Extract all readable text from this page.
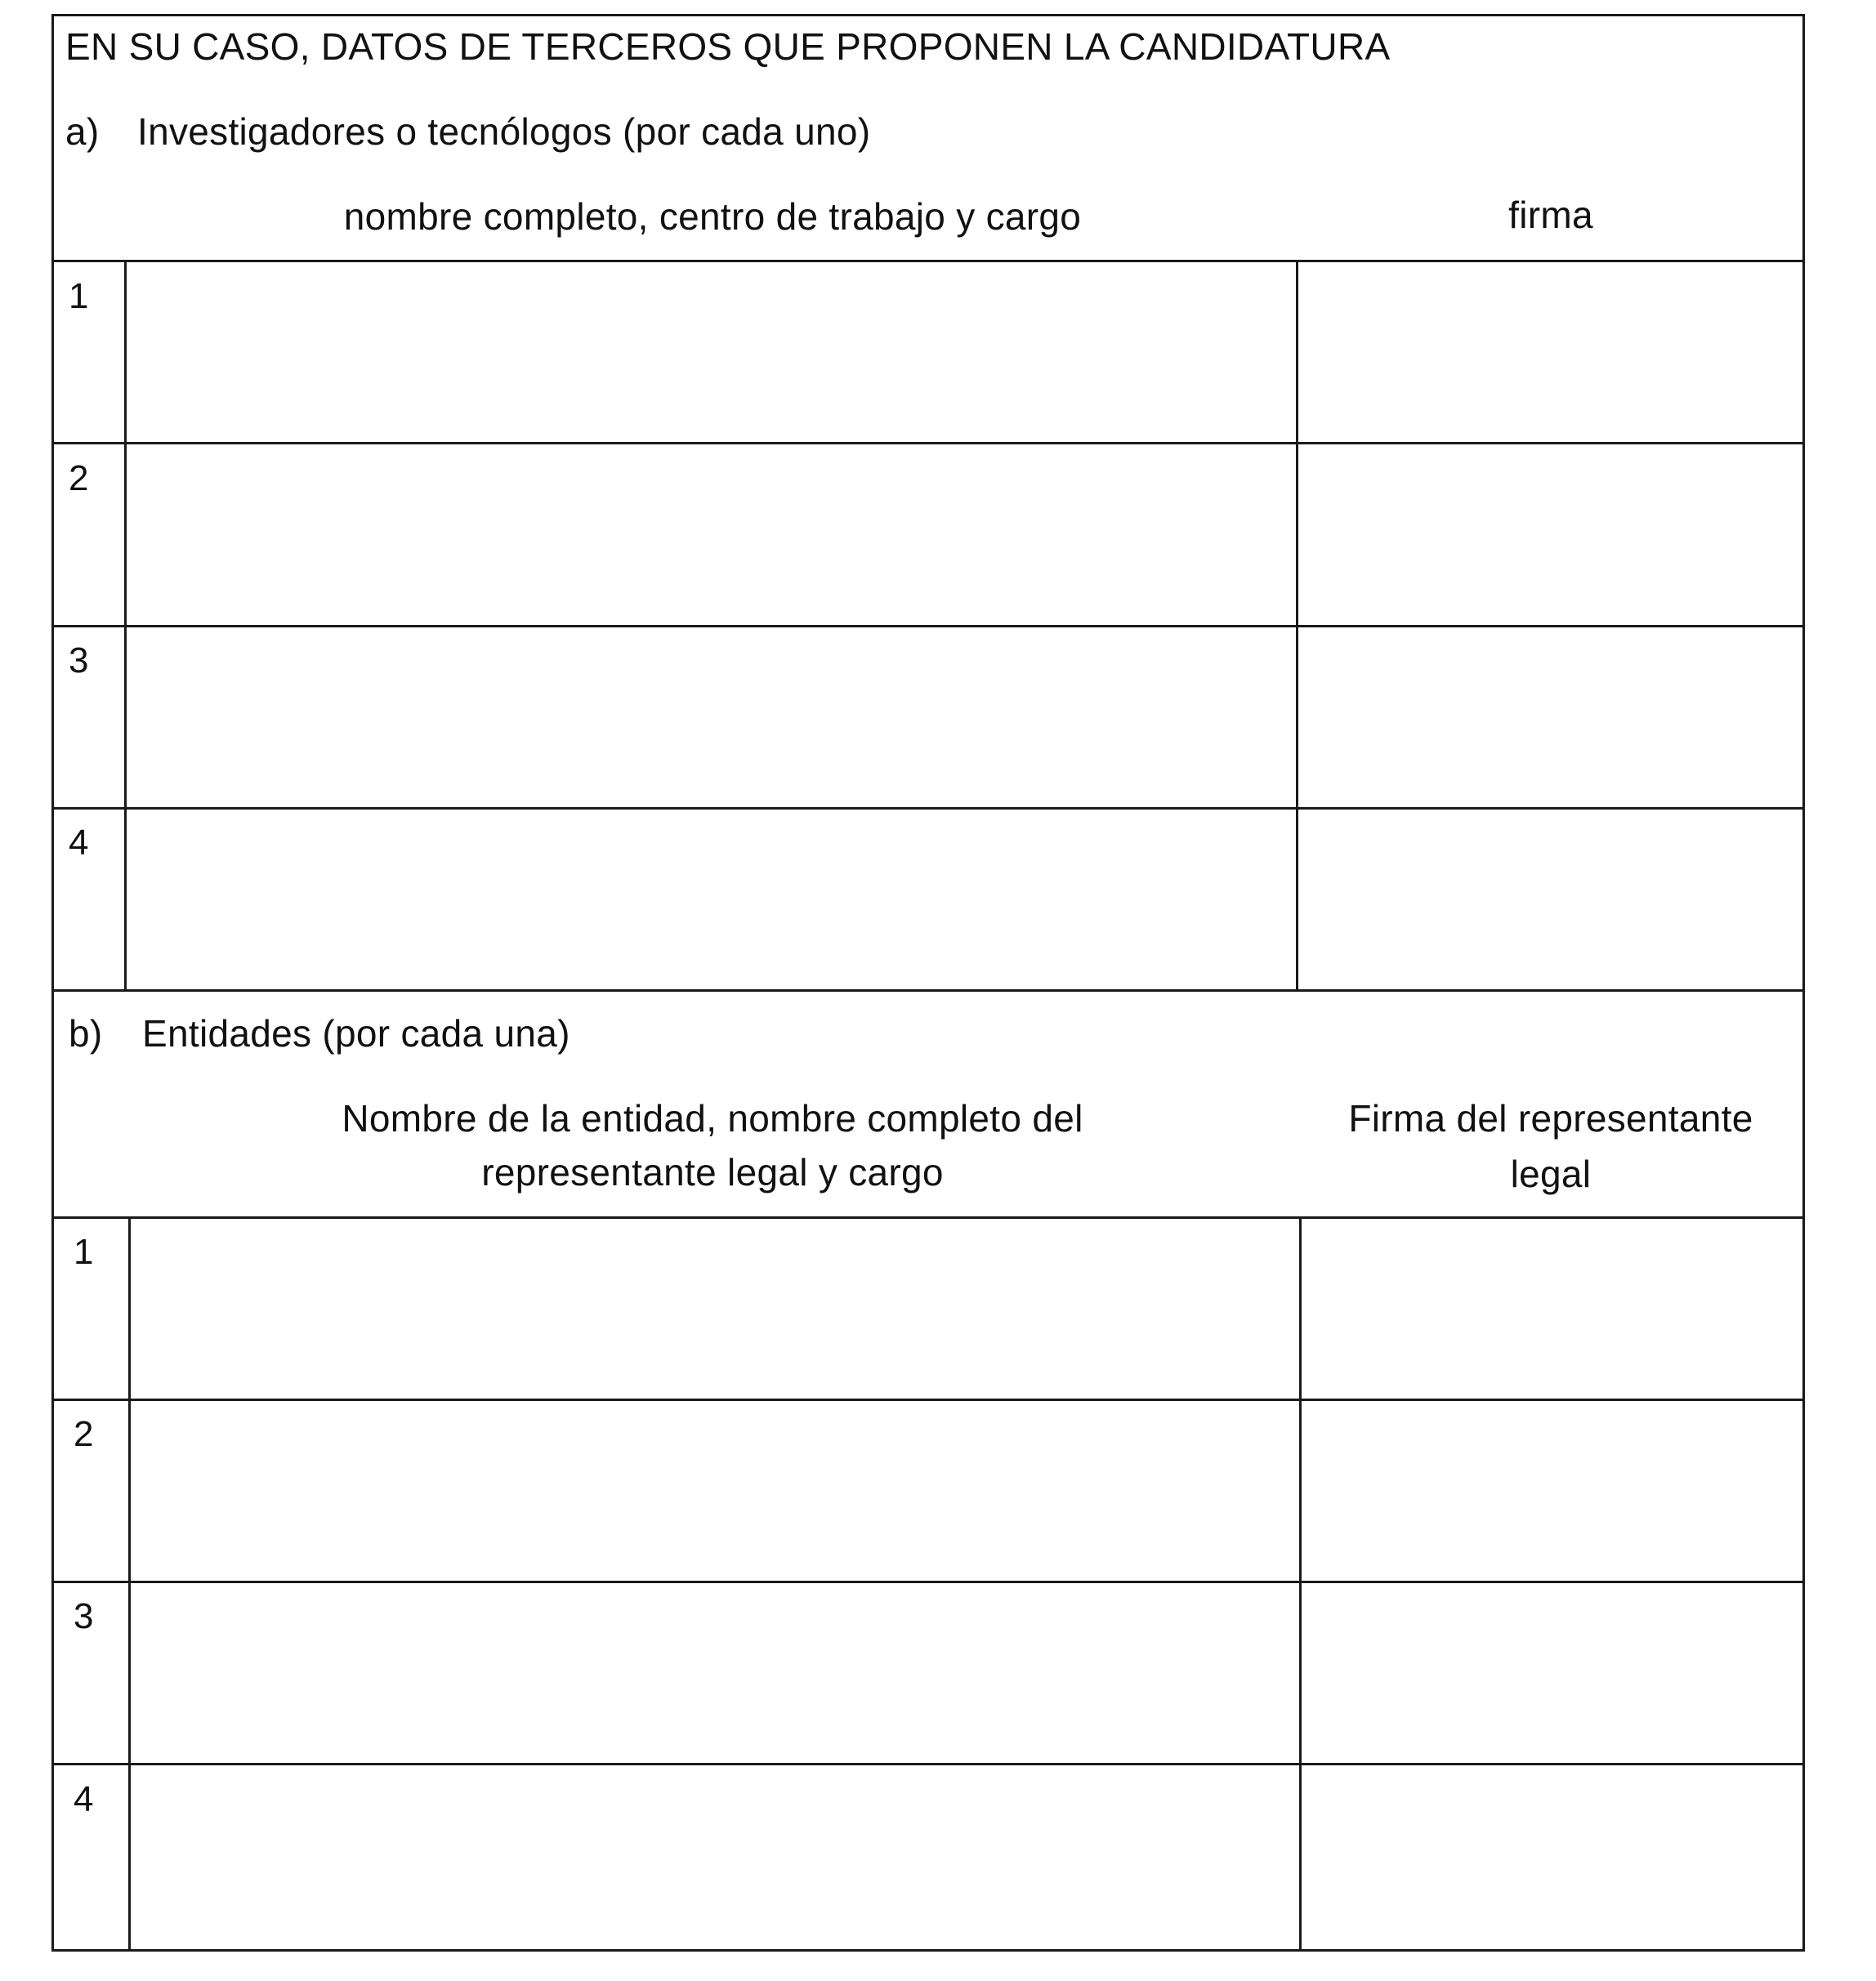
EN SU CASO, DATOS DE TERCEROS QUE PROPONEN LA CANDIDATURA
a) Investigadores o tecnólogos (por cada uno)
nombre completo, centro de trabajo y cargo	firma
1
2
3
4
b) Entidades (por cada una)
Nombre de la entidad, nombre completo del
representante legal y cargo
Firma del representante
legal
1
2
3
4
